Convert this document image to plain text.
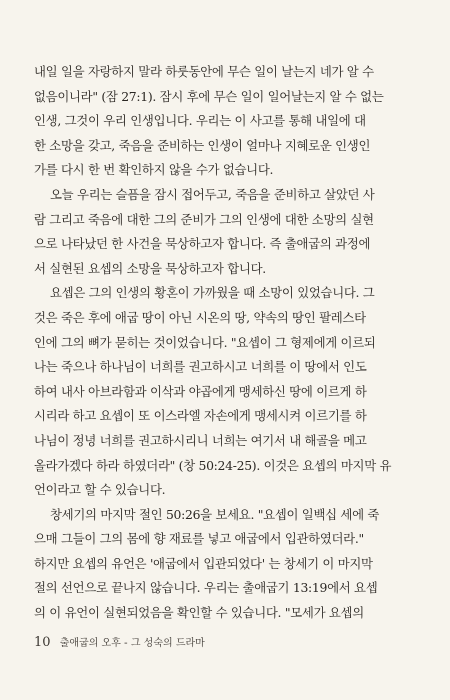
내일 일을 자랑하지 말라 하룻동안에 무슨 일이 날는지 네가 알 수
없음이니라" (잠 27:1). 잠시 후에 무슨 일이 일어날는지 알 수 없는
인생, 그것이 우리 인생입니다. 우리는 이 사고를 통해 내일에 대
한 소망을 갖고, 죽음을 준비하는 인생이 얼마나 지혜로운 인생인
가를 다시 한 번 확인하지 않을 수가 없습니다.
오늘 우리는 슬픔을 잠시 접어두고, 죽음을 준비하고 살았던 사
람 그리고 죽음에 대한 그의 준비가 그의 인생에 대한 소망의 실현
으로 나타났던 한 사건을 묵상하고자 합니다. 즉 출애굽의 과정에
서 실현된 요셉의 소망을 묵상하고자 합니다.
요셉은 그의 인생의 황혼이 가까웠을 때 소망이 있었습니다. 그
것은 죽은 후에 애굽 땅이 아닌 시온의 땅, 약속의 땅인 팔레스타
인에 그의 뼈가 묻히는 것이었습니다. "요셉이 그 형제에게 이르되
나는 죽으나 하나님이 너희를 권고하시고 너희를 이 땅에서 인도
하여 내사 아브라함과 이삭과 야곱에게 맹세하신 땅에 이르게 하
시리라 하고 요셉이 또 이스라엘 자손에게 맹세시켜 이르기를 하
나님이 정녕 너희를 권고하시리니 너희는 여기서 내 해골을 메고
올라가겠다 하라 하였더라" (창 50:24-25). 이것은 요셉의 마지막 유
언이라고 할 수 있습니다.
창세기의 마지막 절인 50:26을 보세요. "요셉이 일백십 세에 죽
으매 그들이 그의 몸에 향 재료를 넣고 애굽에서 입관하였더라."
하지만 요셉의 유언은 '애굽에서 입관되었다' 는 창세기 이 마지막
절의 선언으로 끝나지 않습니다. 우리는 출애굽기 13:19에서 요셉
의 이 유언이 실현되었음을 확인할 수 있습니다. "모세가 요셉의
10 출애굽의 오후 - 그 성숙의 드라마
